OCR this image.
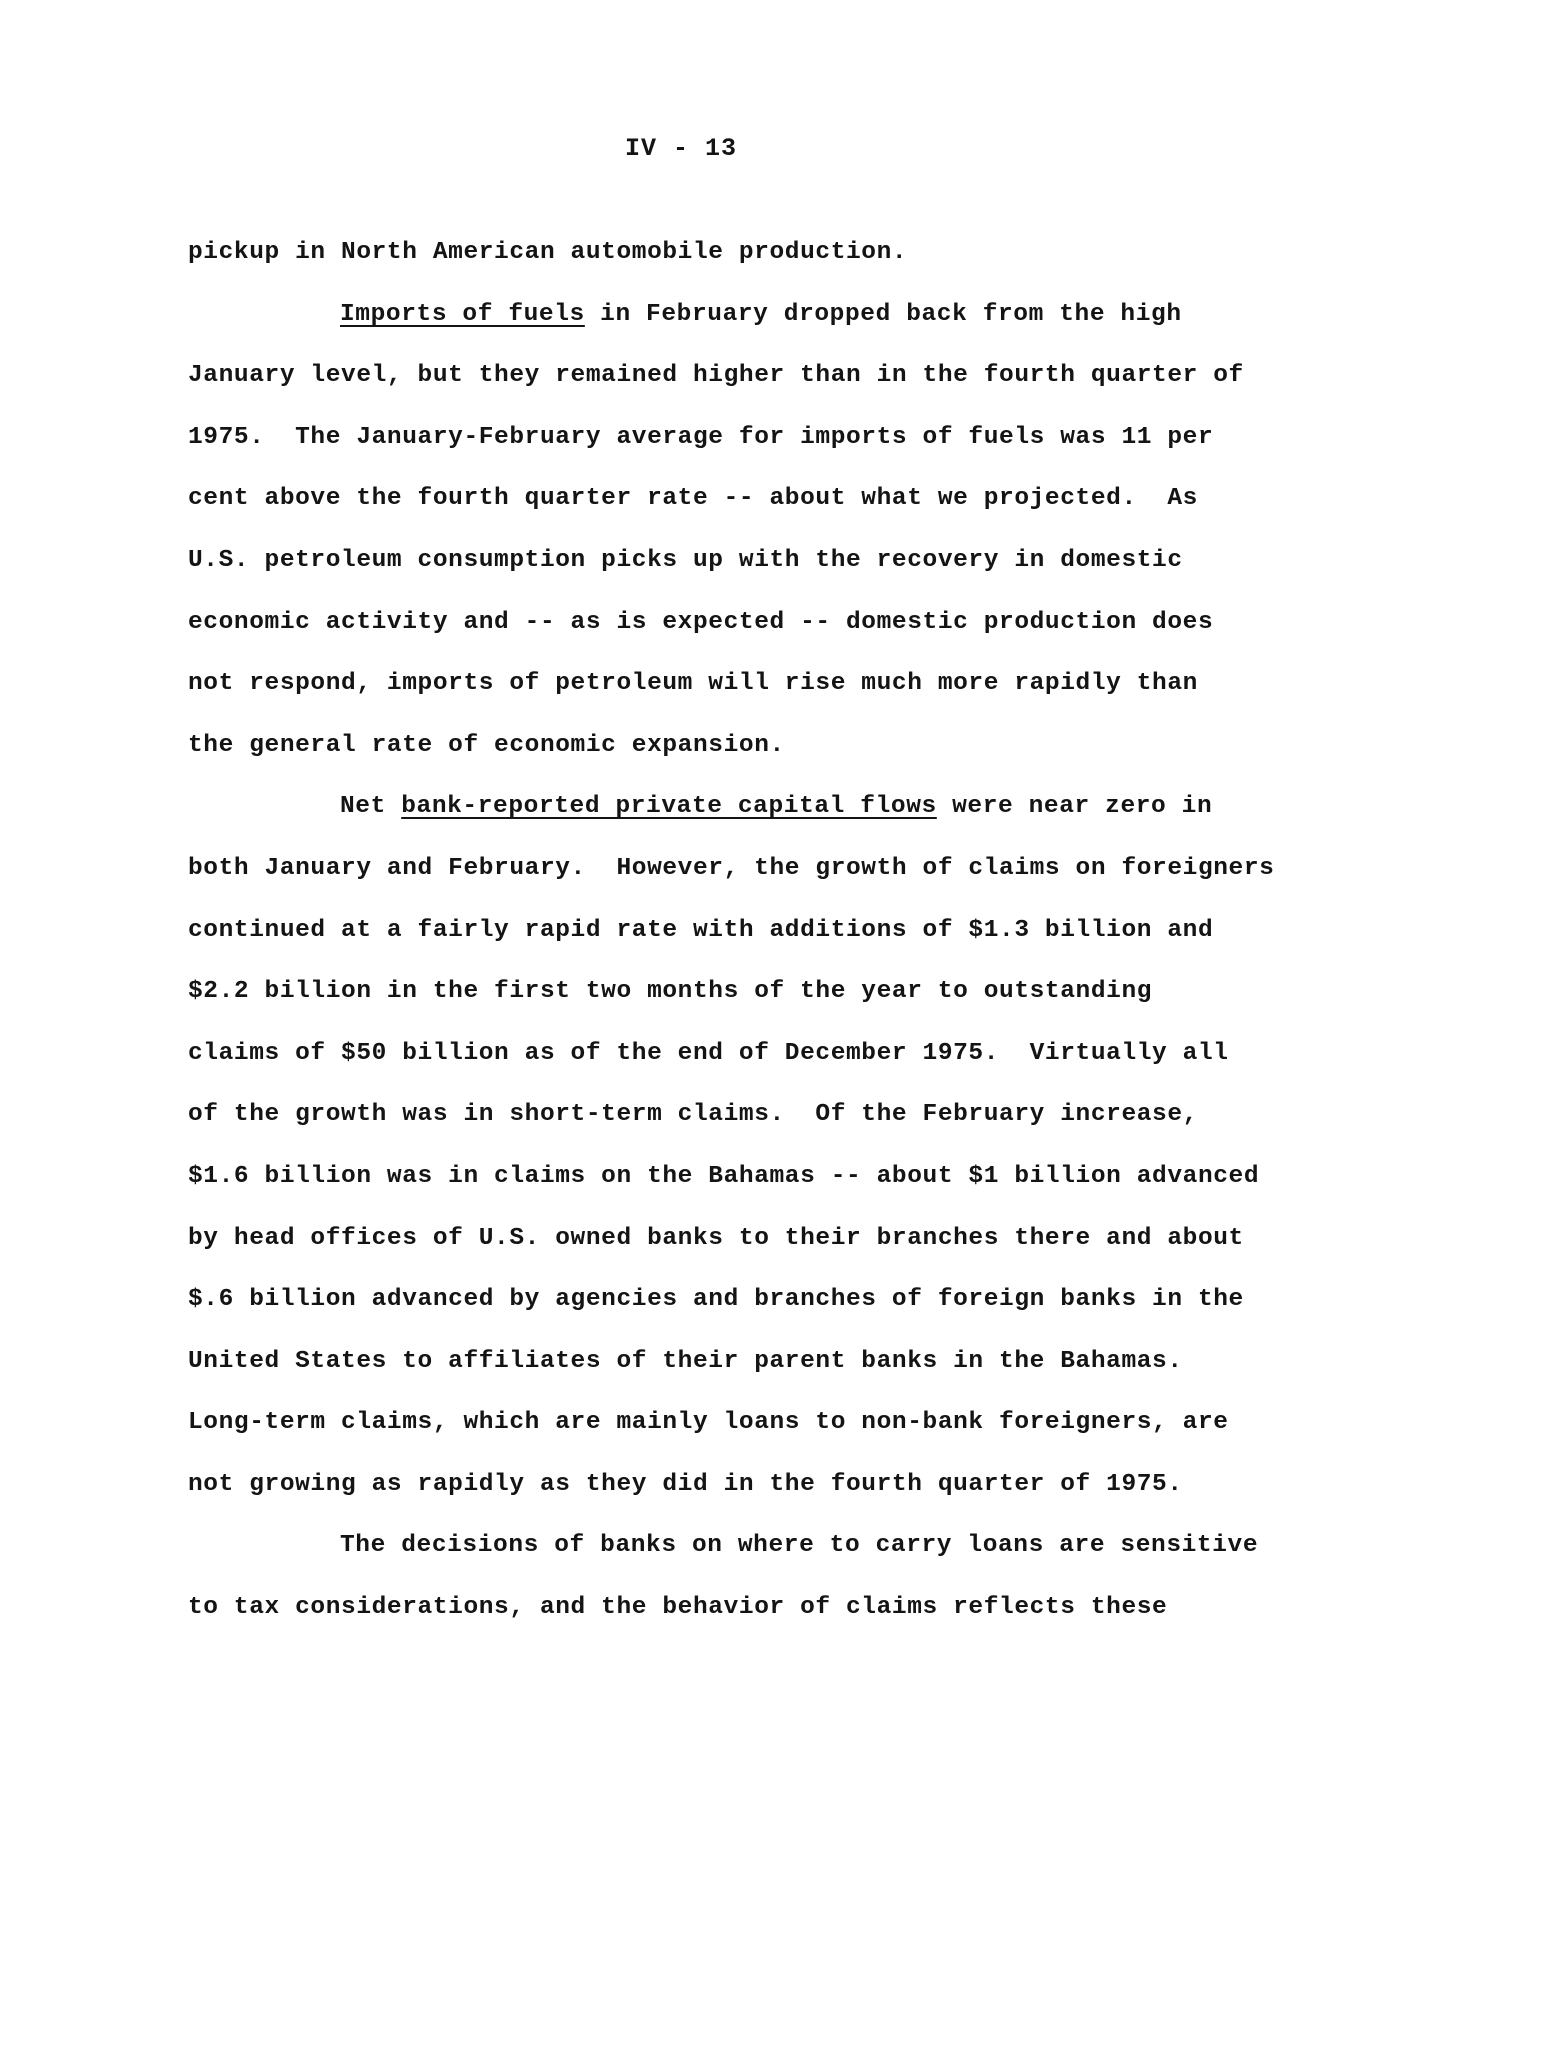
IV - 13
pickup in North American automobile production.
Imports of fuels in February dropped back from the high
January level, but they remained higher than in the fourth quarter of
1975.  The January-February average for imports of fuels was 11 per
cent above the fourth quarter rate -- about what we projected.  As
U.S. petroleum consumption picks up with the recovery in domestic
economic activity and -- as is expected -- domestic production does
not respond, imports of petroleum will rise much more rapidly than
the general rate of economic expansion.
Net bank-reported private capital flows were near zero in
both January and February.  However, the growth of claims on foreigners
continued at a fairly rapid rate with additions of $1.3 billion and
$2.2 billion in the first two months of the year to outstanding
claims of $50 billion as of the end of December 1975.  Virtually all
of the growth was in short-term claims.  Of the February increase,
$1.6 billion was in claims on the Bahamas -- about $1 billion advanced
by head offices of U.S. owned banks to their branches there and about
$.6 billion advanced by agencies and branches of foreign banks in the
United States to affiliates of their parent banks in the Bahamas.
Long-term claims, which are mainly loans to non-bank foreigners, are
not growing as rapidly as they did in the fourth quarter of 1975.
The decisions of banks on where to carry loans are sensitive
to tax considerations, and the behavior of claims reflects these
